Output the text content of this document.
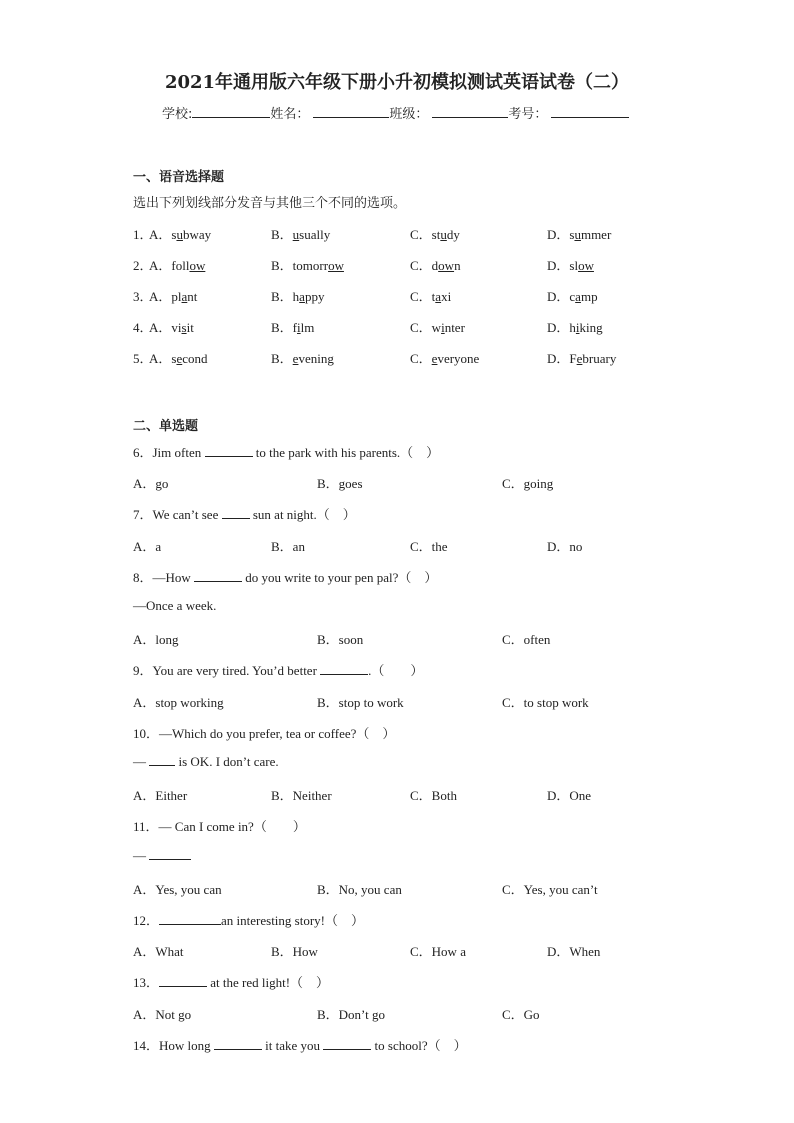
2021年通用版六年级下册小升初模拟测试英语试卷（二）
学校:	姓名：	班级：	考号：
一、语音选择题
选出下列划线部分发音与其他三个不同的选项。
1．
A．subway	B．usually	C．study	D．summer
2．
A．follow	B．tomorrow	C．down	D．slow
3．
A．plant	B．happy	C．taxi	D．camp
4．
A．visit	B．film	C．winter	D．hiking
5．
A．second	B．evening	C．everyone	D．February
二、单选题
6．Jim often	to the park with his parents.（　）
A．go	B．goes	C．going
7．We can’t see  sun at night.（　）
A．a	B．an	C．the	D．no
8．—How	do you write to your pen pal?（　）
—Once a week.
A．long	B．soon	C．often
9．You are very tired. You’d better	.（　　）
A．stop working	B．stop to work	C．to stop work
10．—Which do you prefer, tea or coffee?（　）
—  is OK. I don’t care.
A．Either	B．Neither	C．Both	D．One
11．— Can I come in?（　　）
—
A．Yes, you can	B．No, you can	C．Yes, you can’t
12．	an interesting story!（　）
A．What	B．How	C．How a	D．When
13．	at the red light!（　）
A．Not go	B．Don’t go	C．Go
14．How long	it take you	to school?（　）
